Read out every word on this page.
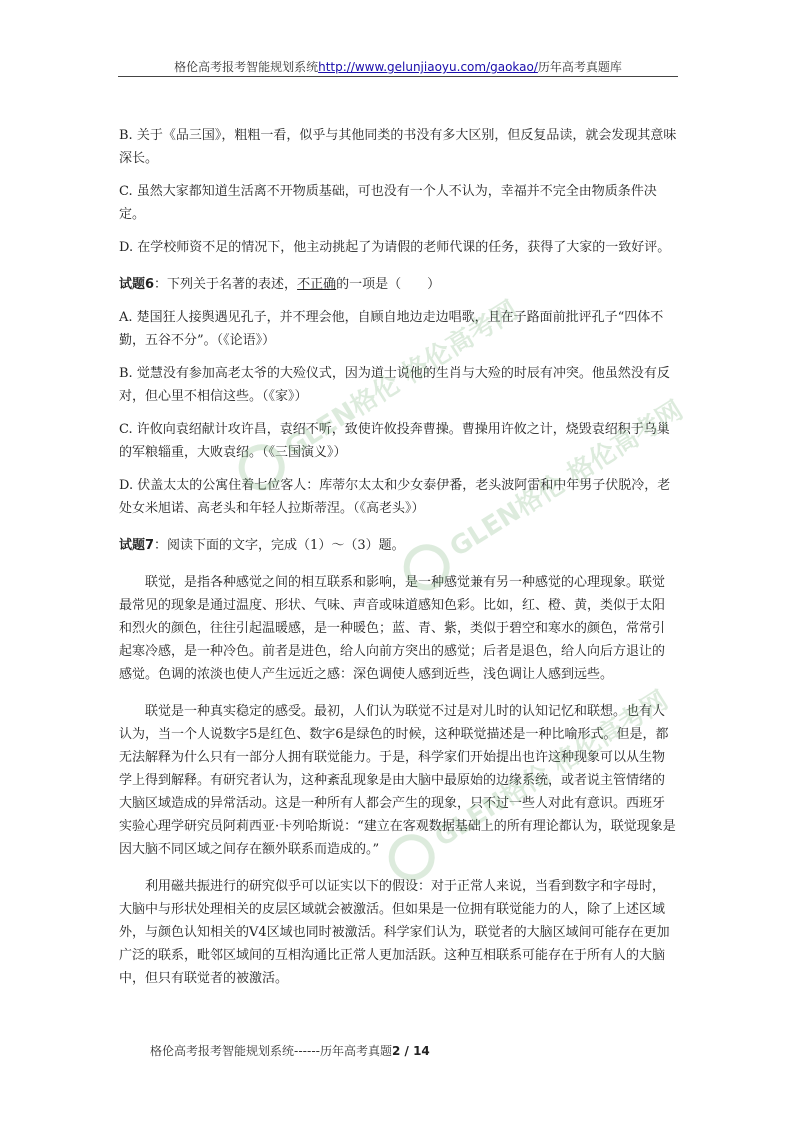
格伦高考报考智能规划系统http://www.gelunjiaoyu.com/gaokao/历年高考真题库

B. 关于《品三国》，粗粗一看，似乎与其他同类的书没有多大区别，但反复品读，就会发现其意味深长。

C. 虽然大家都知道生活离不开物质基础，可也没有一个人不认为，幸福并不完全由物质条件决定。

D. 在学校师资不足的情况下，他主动挑起了为请假的老师代课的任务，获得了大家的一致好评。

试题6：下列关于名著的表述，不正确的一项是（　　）

A. 楚国狂人接舆遇见孔子，并不理会他，自顾自地边走边唱歌，且在子路面前批评孔子“四体不勤，五谷不分”。（《论语》）

B. 觉慧没有参加高老太爷的大殓仪式，因为道士说他的生肖与大殓的时辰有冲突。他虽然没有反对，但心里不相信这些。（《家》）

C. 许攸向袁绍献计攻许昌，袁绍不听，致使许攸投奔曹操。曹操用许攸之计，烧毁袁绍积于乌巢的军粮辎重，大败袁绍。（《三国演义》）

D. 伏盖太太的公寓住着七位客人：库蒂尔太太和少女泰伊番，老头波阿雷和中年男子伏脱冷，老处女米旭诺、高老头和年轻人拉斯蒂涅。（《高老头》）

试题7：阅读下面的文字，完成（1）～（3）题。

联觉，是指各种感觉之间的相互联系和影响，是一种感觉兼有另一种感觉的心理现象。联觉最常见的现象是通过温度、形状、气味、声音或味道感知色彩。比如，红、橙、黄，类似于太阳和烈火的颜色，往往引起温暖感，是一种暖色；蓝、青、紫，类似于碧空和寒水的颜色，常常引起寒冷感，是一种冷色。前者是进色，给人向前方突出的感觉；后者是退色，给人向后方退让的感觉。色调的浓淡也使人产生远近之感：深色调使人感到近些，浅色调让人感到远些。

联觉是一种真实稳定的感受。最初，人们认为联觉不过是对儿时的认知记忆和联想。也有人认为，当一个人说数字5是红色、数字6是绿色的时候，这种联觉描述是一种比喻形式。但是，都无法解释为什么只有一部分人拥有联觉能力。于是，科学家们开始提出也许这种现象可以从生物学上得到解释。有研究者认为，这种紊乱现象是由大脑中最原始的边缘系统，或者说主管情绪的大脑区域造成的异常活动。这是一种所有人都会产生的现象，只不过一些人对此有意识。西班牙实验心理学研究员阿莉西亚·卡列哈斯说：“建立在客观数据基础上的所有理论都认为，联觉现象是因大脑不同区域之间存在额外联系而造成的。”

利用磁共振进行的研究似乎可以证实以下的假设：对于正常人来说，当看到数字和字母时，大脑中与形状处理相关的皮层区域就会被激活。但如果是一位拥有联觉能力的人，除了上述区域外，与颜色认知相关的V4区域也同时被激活。科学家们认为，联觉者的大脑区域间可能存在更加广泛的联系，毗邻区域间的互相沟通比正常人更加活跃。这种互相联系可能存在于所有人的大脑中，但只有联觉者的被激活。

格伦高考报考智能规划系统------历年高考真题2 / 14
GLEN格伦 格伦高考网
GLEN格伦 格伦高考网
GLEN格伦 格伦高考网
